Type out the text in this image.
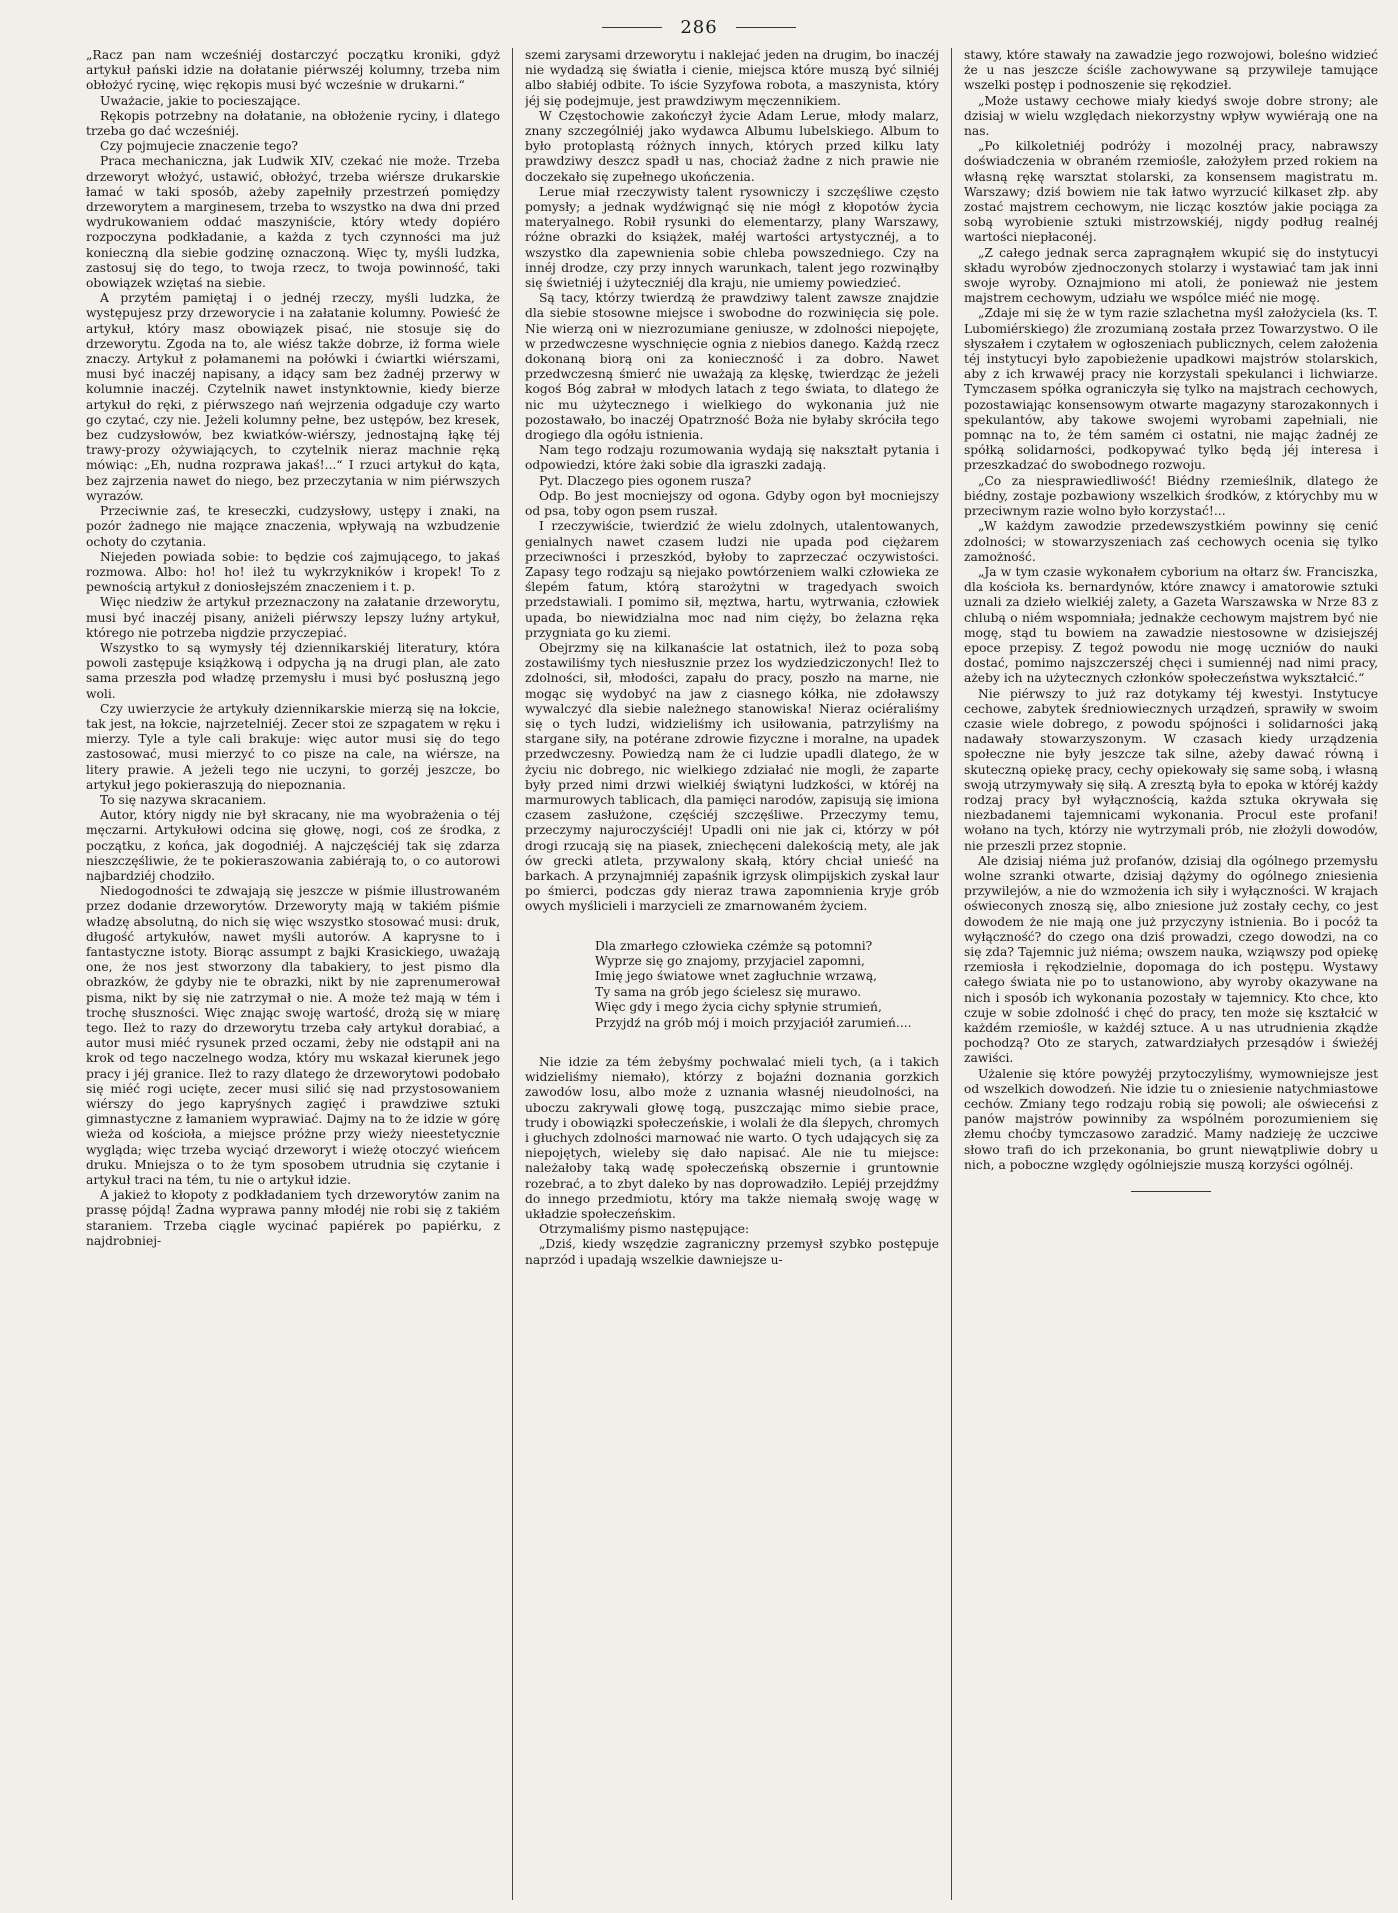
286

„Racz pan nam wcześniéj dostarczyć początku kroniki, gdyż artykuł pański idzie na dołatanie piérwszéj kolumny, trzeba nim obłożyć rycinę, więc rękopis musi być wcześnie w drukarni.“

Uważacie, jakie to pocieszające.

Rękopis potrzebny na dołatanie, na obłożenie ryciny, i dlatego trzeba go dać wcześniéj.

Czy pojmujecie znaczenie tego?

Praca mechaniczna, jak Ludwik XIV, czekać nie może. Trzeba drzeworyt włożyć, ustawić, obłożyć, trzeba wiérsze drukarskie łamać w taki sposób, ażeby zapełniły przestrzeń pomiędzy drzeworytem a marginesem, trzeba to wszystko na dwa dni przed wydrukowaniem oddać maszyniście, który wtedy dopiéro rozpoczyna podkładanie, a każda z tych czynności ma już konieczną dla siebie godzinę oznaczoną. Więc ty, myśli ludzka, zastosuj się do tego, to twoja rzecz, to twoja powinność, taki obowiązek wziętaś na siebie.

A przytém pamiętaj i o jednéj rzeczy, myśli ludzka, że występujesz przy drzeworycie i na załatanie kolumny. Powieść że artykuł, który masz obowiązek pisać, nie stosuje się do drzeworytu. Zgoda na to, ale wiész także dobrze, iż forma wiele znaczy. Artykuł z połamanemi na połówki i ćwiartki wiérszami, musi być inaczéj napisany, a idący sam bez żadnéj przerwy w kolumnie inaczéj. Czytelnik nawet instynktownie, kiedy bierze artykuł do ręki, z piérwszego nań wejrzenia odgaduje czy warto go czytać, czy nie. Jeżeli kolumny pełne, bez ustępów, bez kresek, bez cudzysłowów, bez kwiatków-wiérszy, jednostajną łąkę téj trawy-prozy ożywiających, to czytelnik nieraz machnie ręką mówiąc: „Eh, nudna rozprawa jakaś!...“ I rzuci artykuł do kąta, bez zajrzenia nawet do niego, bez przeczytania w nim piérwszych wyrazów.

Przeciwnie zaś, te kreseczki, cudzysłowy, ustępy i znaki, na pozór żadnego nie mające znaczenia, wpływają na wzbudzenie ochoty do czytania.

Niejeden powiada sobie: to będzie coś zajmującego, to jakaś rozmowa. Albo: ho! ho! ileż tu wykrzykników i kropek! To z pewnością artykuł z doniosłejszém znaczeniem i t. p.

Więc niedziw że artykuł przeznaczony na załatanie drzeworytu, musi być inaczéj pisany, aniżeli piérwszy lepszy luźny artykuł, którego nie potrzeba nigdzie przyczepiać.

Wszystko to są wymysły téj dziennikarskiéj literatury, która powoli zastępuje książkową i odpycha ją na drugi plan, ale zato sama przeszła pod władzę przemysłu i musi być posłuszną jego woli.

Czy uwierzycie że artykuły dziennikarskie mierzą się na łokcie, tak jest, na łokcie, najrzetelniéj. Zecer stoi ze szpagatem w ręku i mierzy. Tyle a tyle cali brakuje: więc autor musi się do tego zastosować, musi mierzyć to co pisze na cale, na wiérsze, na litery prawie. A jeżeli tego nie uczyni, to gorzéj jeszcze, bo artykuł jego pokieraszują do niepoznania.

To się nazywa skracaniem.

Autor, który nigdy nie był skracany, nie ma wyobrażenia o téj męczarni. Artykułowi odcina się głowę, nogi, coś ze środka, z początku, z końca, jak dogodniéj. A najczęściéj tak się zdarza nieszczęśliwie, że te pokieraszowania zabiérają to, o co autorowi najbardziéj chodziło.

Niedogodności te zdwajają się jeszcze w piśmie illustrowaném przez dodanie drzeworytów. Drzeworyty mają w takiém piśmie władzę absolutną, do nich się więc wszystko stosować musi: druk, długość artykułów, nawet myśli autorów. A kaprysne to i fantastyczne istoty. Biorąc assumpt z bajki Krasickiego, uważają one, że nos jest stworzony dla tabakiery, to jest pismo dla obrazków, że gdyby nie te obrazki, nikt by nie zaprenumerował pisma, nikt by się nie zatrzymał o nie. A może też mają w tém i trochę słuszności. Więc znając swoję wartość, drożą się w miarę tego. Ileż to razy do drzeworytu trzeba cały artykuł dorabiać, a autor musi miéć rysunek przed oczami, żeby nie odstąpił ani na krok od tego naczelnego wodza, który mu wskazał kierunek jego pracy i jéj granice. Ileż to razy dlatego że drzeworytowi podobało się miéć rogi ucięte, zecer musi silić się nad przystosowaniem wiérszy do jego kapryśnych zagięć i prawdziwe sztuki gimnastyczne z łamaniem wyprawiać. Dajmy na to że idzie w górę wieża od kościoła, a miejsce próżne przy wieży nieestetycznie wygląda; więc trzeba wyciąć drzeworyt i wieżę otoczyć wieńcem druku. Mniejsza o to że tym sposobem utrudnia się czytanie i artykuł traci na tém, tu nie o artykuł idzie.

A jakież to kłopoty z podkładaniem tych drzeworytów zanim na prassę pójdą! Żadna wyprawa panny młodéj nie robi się z takiém staraniem. Trzeba ciągle wycinać papiérek po papiérku, z najdrobniej-

szemi zarysami drzeworytu i naklejać jeden na drugim, bo inaczéj nie wydadzą się światła i cienie, miejsca które muszą być silniéj albo słabiéj odbite. To iście Syzyfowa robota, a maszynista, który jéj się podejmuje, jest prawdziwym męczennikiem.

W Częstochowie zakończył życie Adam Lerue, młody malarz, znany szczególniéj jako wydawca Albumu lubelskiego. Album to było protoplastą różnych innych, których przed kilku laty prawdziwy deszcz spadł u nas, chociaż żadne z nich prawie nie doczekało się zupełnego ukończenia.

Lerue miał rzeczywisty talent rysowniczy i szczęśliwe często pomysły; a jednak wydźwignąć się nie mógł z kłopotów życia materyalnego. Robił rysunki do elementarzy, plany Warszawy, różne obrazki do książek, małéj wartości artystycznéj, a to wszystko dla zapewnienia sobie chleba powszedniego. Czy na innéj drodze, czy przy innych warunkach, talent jego rozwinąłby się świetniéj i użyteczniéj dla kraju, nie umiemy powiedzieć.

Są tacy, którzy twierdzą że prawdziwy talent zawsze znajdzie dla siebie stosowne miejsce i swobodne do rozwinięcia się pole. Nie wierzą oni w niezrozumiane geniusze, w zdolności niepojęte, w przedwczesne wyschnięcie ognia z niebios danego. Każdą rzecz dokonaną biorą oni za konieczność i za dobro. Nawet przedwczesną śmierć nie uważają za klęskę, twierdząc że jeżeli kogoś Bóg zabrał w młodych latach z tego świata, to dlatego że nic mu użytecznego i wielkiego do wykonania już nie pozostawało, bo inaczéj Opatrzność Boża nie byłaby skróciła tego drogiego dla ogółu istnienia.

Nam tego rodzaju rozumowania wydają się nakształt pytania i odpowiedzi, które żaki sobie dla igraszki zadają.

Pyt. Dlaczego pies ogonem rusza?

Odp. Bo jest mocniejszy od ogona. Gdyby ogon był mocniejszy od psa, toby ogon psem ruszał.

I rzeczywiście, twierdzić że wielu zdolnych, utalentowanych, genialnych nawet czasem ludzi nie upada pod ciężarem przeciwności i przeszkód, byłoby to zaprzeczać oczywistości. Zapasy tego rodzaju są niejako powtórzeniem walki człowieka ze ślepém fatum, którą starożytni w tragedyach swoich przedstawiali. I pomimo sił, męztwa, hartu, wytrwania, człowiek upada, bo niewidzialna moc nad nim cięży, bo żelazna ręka przygniata go ku ziemi.

Obejrzmy się na kilkanaście lat ostatnich, ileż to poza sobą zostawiliśmy tych niesłusznie przez los wydziedziczonych! Ileż to zdolności, sił, młodości, zapału do pracy, poszło na marne, nie mogąc się wydobyć na jaw z ciasnego kółka, nie zdoławszy wywalczyć dla siebie należnego stanowiska! Nieraz ociéraliśmy się o tych ludzi, widzieliśmy ich usiłowania, patrzyliśmy na stargane siły, na potérane zdrowie fizyczne i moralne, na upadek przedwczesny. Powiedzą nam że ci ludzie upadli dlatego, że w życiu nic dobrego, nic wielkiego zdziałać nie mogli, że zaparte były przed nimi drzwi wielkiéj świątyni ludzkości, w któréj na marmurowych tablicach, dla pamięci narodów, zapisują się imiona czasem zasłużone, częściéj szczęśliwe. Przeczymy temu, przeczymy najuroczyściéj! Upadli oni nie jak ci, którzy w pół drogi rzucają się na piasek, zniechęceni dalekością mety, ale jak ów grecki atleta, przywalony skałą, który chciał unieść na barkach. A przynajmniéj zapaśnik igrzysk olimpijskich zyskał laur po śmierci, podczas gdy nieraz trawa zapomnienia kryje grób owych myślicieli i marzycieli ze zmarnowaném życiem.

Dla zmarłego człowieka czémże są potomni?
Wyprze się go znajomy, przyjaciel zapomni,
Imię jego światowe wnet zagłuchnie wrzawą,
Ty sama na grób jego ścielesz się murawo.
Więc gdy i mego życia cichy spłynie strumień,
Przyjdź na grób mój i moich przyjaciół zarumień....

Nie idzie za tém żebyśmy pochwalać mieli tych, (a i takich widzieliśmy niemało), którzy z bojaźni doznania gorzkich zawodów losu, albo może z uznania własnéj nieudolności, na uboczu zakrywali głowę togą, puszczając mimo siebie prace, trudy i obowiązki społeczeńskie, i wolali że dla ślepych, chromych i głuchych zdolności marnować nie warto. O tych udających się za niepojętych, wieleby się dało napisać. Ale nie tu miejsce: należałoby taką wadę społeczeńską obszernie i gruntownie rozebrać, a to zbyt daleko by nas doprowadziło. Lepiéj przejdźmy do innego przedmiotu, który ma także niemałą swoję wagę w układzie społeczeńskim.

Otrzymaliśmy pismo następujące:

„Dziś, kiedy wszędzie zagraniczny przemysł szybko postępuje naprzód i upadają wszelkie dawniejsze u-

stawy, które stawały na zawadzie jego rozwojowi, boleśno widzieć że u nas jeszcze ściśle zachowywane są przywileje tamujące wszelki postęp i podnoszenie się rękodzieł.

„Może ustawy cechowe miały kiedyś swoje dobre strony; ale dzisiaj w wielu względach niekorzystny wpływ wywiérają one na nas.

„Po kilkoletniéj podróży i mozolnéj pracy, nabrawszy doświadczenia w obraném rzemiośle, założyłem przed rokiem na własną rękę warsztat stolarski, za konsensem magistratu m. Warszawy; dziś bowiem nie tak łatwo wyrzucić kilkaset złp. aby zostać majstrem cechowym, nie licząc kosztów jakie pociąga za sobą wyrobienie sztuki mistrzowskiéj, nigdy podług realnéj wartości niepłaconéj.

„Z całego jednak serca zapragnąłem wkupić się do instytucyi składu wyrobów zjednoczonych stolarzy i wystawiać tam jak inni swoje wyroby. Oznajmiono mi atoli, że ponieważ nie jestem majstrem cechowym, udziału we wspólce miéć nie mogę.

„Zdaje mi się że w tym razie szlachetna myśl założyciela (ks. T. Lubomiérskiego) źle zrozumianą została przez Towarzystwo. O ile słyszałem i czytałem w ogłoszeniach publicznych, celem założenia téj instytucyi było zapobieżenie upadkowi majstrów stolarskich, aby z ich krwawéj pracy nie korzystali spekulanci i lichwiarze. Tymczasem spółka ograniczyła się tylko na majstrach cechowych, pozostawiając konsensowym otwarte magazyny starozakonnych i spekulantów, aby takowe swojemi wyrobami zapełniali, nie pomnąc na to, że tém samém ci ostatni, nie mając żadnéj ze spółką solidarności, podkopywać tylko będą jéj interesa i przeszkadzać do swobodnego rozwoju.

„Co za niesprawiedliwość! Biédny rzemieślnik, dlatego że biédny, zostaje pozbawiony wszelkich środków, z którychby mu w przeciwnym razie wolno było korzystać!...

„W każdym zawodzie przedewszystkiém powinny się cenić zdolności; w stowarzyszeniach zaś cechowych ocenia się tylko zamożność.

„Ja w tym czasie wykonałem cyborium na ołtarz św. Franciszka, dla kościoła ks. bernardynów, które znawcy i amatorowie sztuki uznali za dzieło wielkiéj zalety, a Gazeta Warszawska w Nrze 83 z chlubą o niém wspomniała; jednakże cechowym majstrem być nie mogę, stąd tu bowiem na zawadzie niestosowne w dzisiejszéj epoce przepisy. Z tegoż powodu nie mogę uczniów do nauki dostać, pomimo najszczerszéj chęci i sumiennéj nad nimi pracy, ażeby ich na użytecznych członków społeczeństwa wykształcić.“

Nie piérwszy to już raz dotykamy téj kwestyi. Instytucye cechowe, zabytek średniowiecznych urządzeń, sprawiły w swoim czasie wiele dobrego, z powodu spójności i solidarności jaką nadawały stowarzyszonym. W czasach kiedy urządzenia społeczne nie były jeszcze tak silne, ażeby dawać równą i skuteczną opiekę pracy, cechy opiekowały się same sobą, i własną swoją utrzymywały się siłą. A zresztą była to epoka w któréj każdy rodzaj pracy był wyłącznością, każda sztuka okrywała się niezbadanemi tajemnicami wykonania. Procul este profani! wołano na tych, którzy nie wytrzymali prób, nie złożyli dowodów, nie przeszli przez stopnie.

Ale dzisiaj niéma już profanów, dzisiaj dla ogólnego przemysłu wolne szranki otwarte, dzisiaj dążymy do ogólnego zniesienia przywilejów, a nie do wzmożenia ich siły i wyłączności. W krajach oświeconych znoszą się, albo zniesione już zostały cechy, co jest dowodem że nie mają one już przyczyny istnienia. Bo i pocóż ta wyłączność? do czego ona dziś prowadzi, czego dowodzi, na co się zda? Tajemnic już niéma; owszem nauka, wziąwszy pod opiekę rzemiosła i rękodzielnie, dopomaga do ich postępu. Wystawy całego świata nie po to ustanowiono, aby wyroby okazywane na nich i sposób ich wykonania pozostały w tajemnicy. Kto chce, kto czuje w sobie zdolność i chęć do pracy, ten może się kształcić w każdém rzemiośle, w każdéj sztuce. A u nas utrudnienia zkądże pochodzą? Oto ze starych, zatwardziałych przesądów i świeżéj zawiści.

Użalenie się które powyżéj przytoczyliśmy, wymowniejsze jest od wszelkich dowodzeń. Nie idzie tu o zniesienie natychmiastowe cechów. Zmiany tego rodzaju robią się powoli; ale oświeceńsi z panów majstrów powinniby za wspólném porozumieniem się złemu choćby tymczasowo zaradzić. Mamy nadzieję że uczciwe słowo trafi do ich przekonania, bo grunt niewątpliwie dobry u nich, a poboczne względy ogólniejszie muszą korzyści ogólnéj.
